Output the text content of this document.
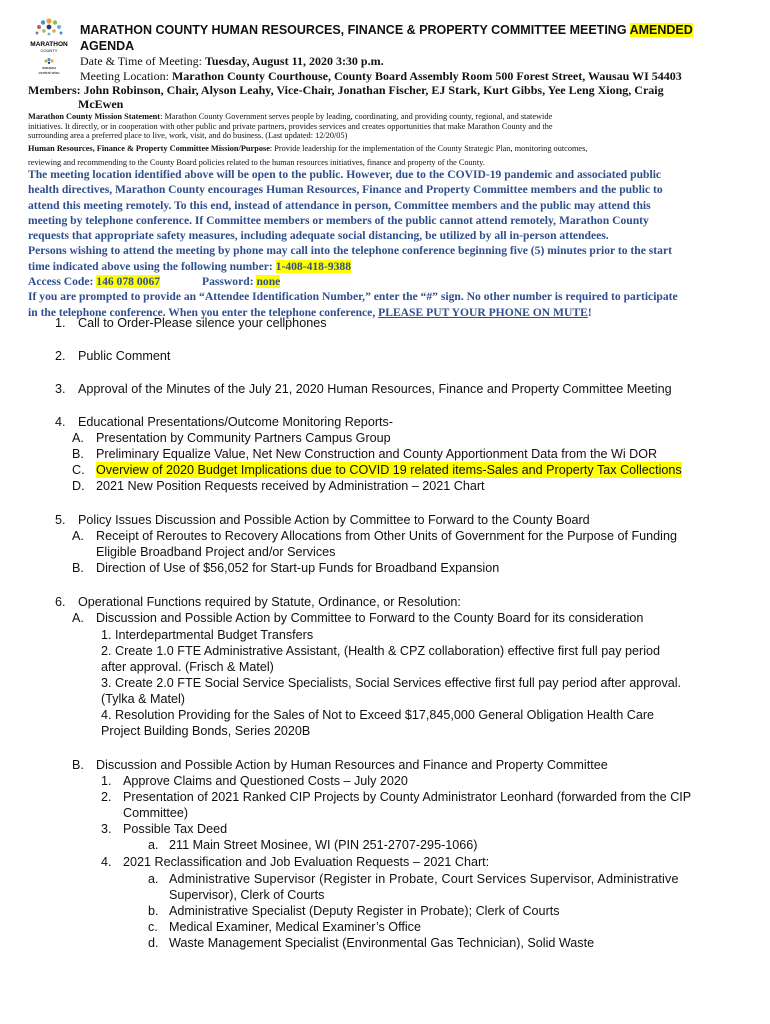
MARATHON
COUNTY
wausau
central wisc
MARATHON COUNTY HUMAN RESOURCES, FINANCE & PROPERTY COMMITTEE MEETING AMENDED
AGENDA
Date & Time of Meeting: Tuesday, August 11, 2020 3:30 p.m.
Meeting Location: Marathon County Courthouse, County Board Assembly Room 500 Forest Street, Wausau WI 54403
Members: John Robinson, Chair, Alyson Leahy, Vice-Chair, Jonathan Fischer, EJ Stark, Kurt Gibbs, Yee Leng Xiong, Craig
McEwen
Marathon County Mission Statement: Marathon County Government serves people by leading, coordinating, and providing county, regional, and statewide
initiatives. It directly, or in cooperation with other public and private partners, provides services and creates opportunities that make Marathon County and the
surrounding area a preferred place to live, work, visit, and do business. (Last updated: 12/20/05)
Human Resources, Finance & Property Committee Mission/Purpose: Provide leadership for the implementation of the County Strategic Plan, monitoring outcomes,
reviewing and recommending to the County Board policies related to the human resources initiatives, finance and property of the County.

The meeting location identified above will be open to the public. However, due to the COVID-19 pandemic and associated public

health directives, Marathon County encourages Human Resources, Finance and Property Committee members and the public to

attend this meeting remotely. To this end, instead of attendance in person, Committee members and the public may attend this

meeting by telephone conference. If Committee members or members of the public cannot attend remotely, Marathon County

requests that appropriate safety measures, including adequate social distancing, be utilized by all in-person attendees.

Persons wishing to attend the meeting by phone may call into the telephone conference beginning five (5) minutes prior to the start

time indicated above using the following number: 1-408-418-9388

Access Code: 146 078 0067	Password: none

If you are prompted to provide an “Attendee Identification Number,” enter the “#” sign. No other number is required to participate

in the telephone conference. When you enter the telephone conference, PLEASE PUT YOUR PHONE ON MUTE!

1. Call to Order-Please silence your cellphones
2. Public Comment
3. Approval of the Minutes of the July 21, 2020 Human Resources, Finance and Property Committee Meeting
4. Educational Presentations/Outcome Monitoring Reports-
A. Presentation by Community Partners Campus Group
B. Preliminary Equalize Value, Net New Construction and County Apportionment Data from the Wi DOR
C. Overview of 2020 Budget Implications due to COVID 19 related items-Sales and Property Tax Collections
D. 2021 New Position Requests received by Administration – 2021 Chart
5. Policy Issues Discussion and Possible Action by Committee to Forward to the County Board
A. Receipt of Reroutes to Recovery Allocations from Other Units of Government for the Purpose of Funding
Eligible Broadband Project and/or Services
B. Direction of Use of $56,052 for Start-up Funds for Broadband Expansion
6. Operational Functions required by Statute, Ordinance, or Resolution:
A. Discussion and Possible Action by Committee to Forward to the County Board for its consideration
1. Interdepartmental Budget Transfers
2. Create 1.0 FTE Administrative Assistant, (Health & CPZ collaboration) effective first full pay period
after approval. (Frisch & Matel)
3. Create 2.0 FTE Social Service Specialists, Social Services effective first full pay period after approval.
(Tylka & Matel)
4. Resolution Providing for the Sales of Not to Exceed $17,845,000 General Obligation Health Care
Project Building Bonds, Series 2020B
B. Discussion and Possible Action by Human Resources and Finance and Property Committee
1. Approve Claims and Questioned Costs – July 2020
2. Presentation of 2021 Ranked CIP Projects by County Administrator Leonhard (forwarded from the CIP
Committee)
3. Possible Tax Deed
a. 211 Main Street Mosinee, WI (PIN 251-2707-295-1066)
4. 2021 Reclassification and Job Evaluation Requests – 2021 Chart:
a. Administrative Supervisor (Register in Probate, Court Services Supervisor, Administrative
Supervisor), Clerk of Courts
b. Administrative Specialist (Deputy Register in Probate); Clerk of Courts
c. Medical Examiner, Medical Examiner’s Office
d. Waste Management Specialist (Environmental Gas Technician), Solid Waste
